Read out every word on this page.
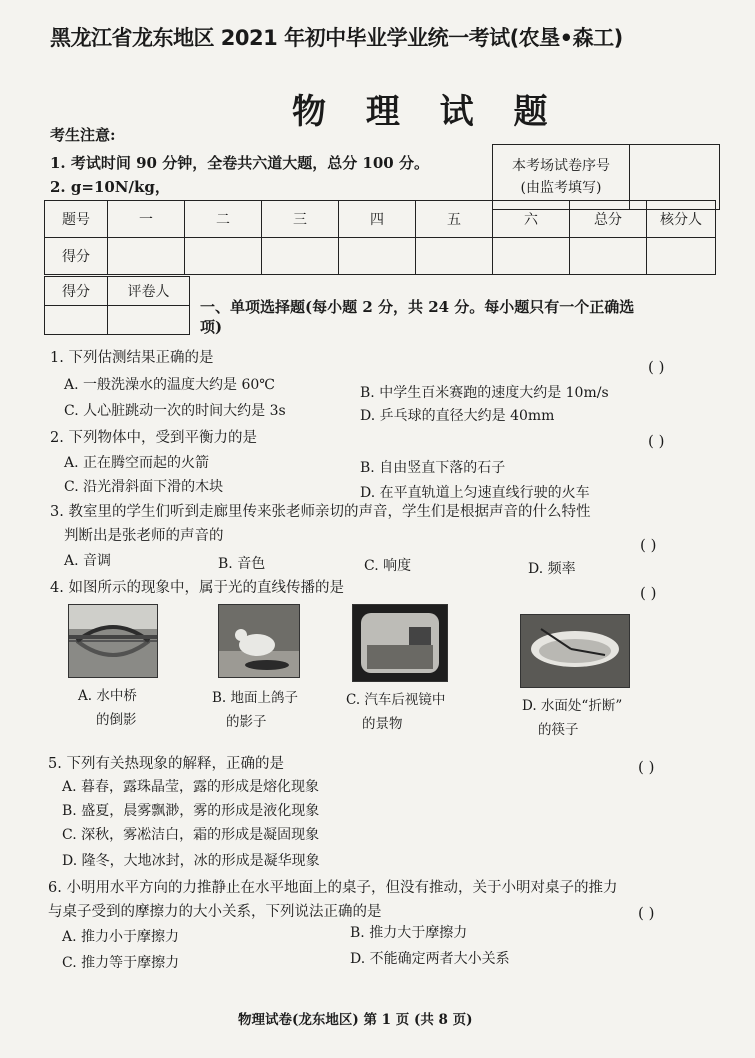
黑龙江省龙东地区 2021 年初中毕业学业统一考试(农垦•森工)
物 理 试 题
考生注意:
1. 考试时间 90 分钟，全卷共六道大题，总分 100 分。
2. g=10N/kg，
本考场试卷序号
(由监考填写)
题号	一	二	三	四	五	六	总分	核分人
得分								
得分	评卷人

一、单项选择题(每小题 2 分，共 24 分。每小题只有一个正确选
项)
1. 下列估测结果正确的是	( )
A. 一般洗澡水的温度大约是 60℃	B. 中学生百米赛跑的速度大约是 10m/s
C. 人心脏跳动一次的时间大约是 3s	D. 乒乓球的直径大约是 40mm
2. 下列物体中，受到平衡力的是	( )
A. 正在腾空而起的火箭	B. 自由竖直下落的石子
C. 沿光滑斜面下滑的木块	D. 在平直轨道上匀速直线行驶的火车
3. 教室里的学生们听到走廊里传来张老师亲切的声音，学生们是根据声音的什么特性
判断出是张老师的声音的	( )
A. 音调	B. 音色	C. 响度	D. 频率
4. 如图所示的现象中，属于光的直线传播的是	( )
A. 水中桥
的倒影
B. 地面上鸽子
的影子
C. 汽车后视镜中
的景物
D. 水面处“折断”
的筷子
5. 下列有关热现象的解释，正确的是	( )
A. 暮春，露珠晶莹，露的形成是熔化现象
B. 盛夏，晨雾飘渺，雾的形成是液化现象
C. 深秋，雾凇洁白，霜的形成是凝固现象
D. 隆冬，大地冰封，冰的形成是凝华现象
6. 小明用水平方向的力推静止在水平地面上的桌子，但没有推动，关于小明对桌子的推力
与桌子受到的摩擦力的大小关系，下列说法正确的是	( )
A. 推力小于摩擦力	B. 推力大于摩擦力
C. 推力等于摩擦力	D. 不能确定两者大小关系
物理试卷(龙东地区) 第 1 页 (共 8 页)
